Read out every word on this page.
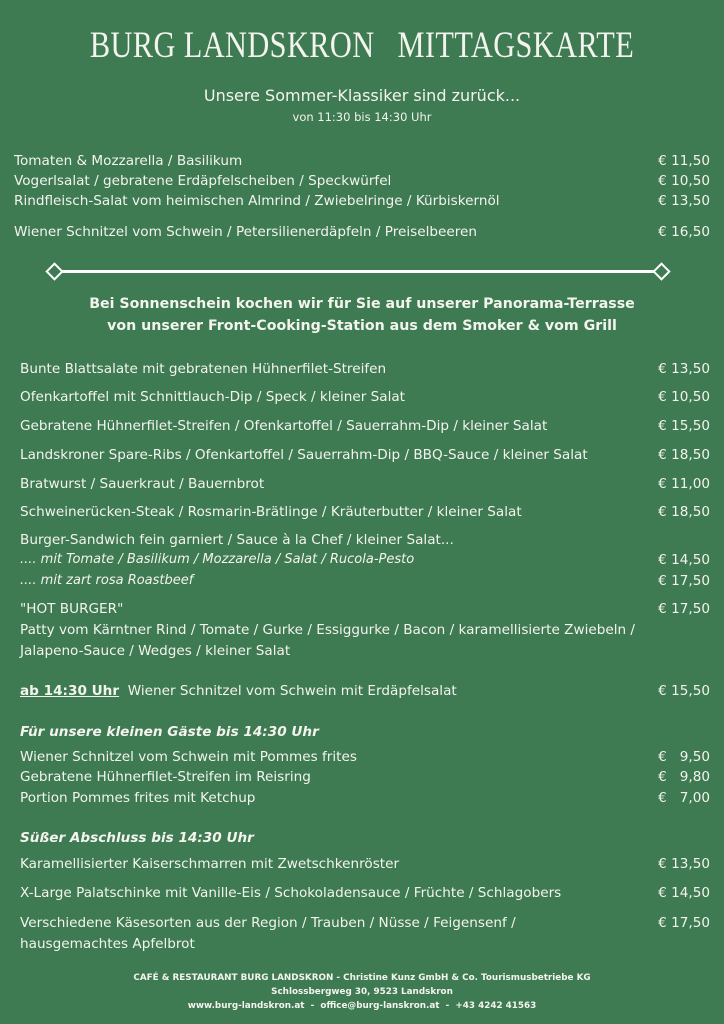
BURG LANDSKRON MITTAGSKARTE
Unsere Sommer-Klassiker sind zurück...
von 11:30 bis 14:30 Uhr
Tomaten & Mozzarella / Basilikum	€ 11,50
Vogerlsalat / gebratene Erdäpfelscheiben / Speckwürfel	€ 10,50
Rindfleisch-Salat vom heimischen Almrind / Zwiebelringe / Kürbiskernöl	€ 13,50
Wiener Schnitzel vom Schwein / Petersilienerdäpfeln / Preiselbeeren	€ 16,50
Bei Sonnenschein kochen wir für Sie auf unserer Panorama-Terrasse
von unserer Front-Cooking-Station aus dem Smoker & vom Grill
Bunte Blattsalate mit gebratenen Hühnerfilet-Streifen	€ 13,50
Ofenkartoffel mit Schnittlauch-Dip / Speck / kleiner Salat	€ 10,50
Gebratene Hühnerfilet-Streifen / Ofenkartoffel / Sauerrahm-Dip / kleiner Salat	€ 15,50
Landskroner Spare-Ribs / Ofenkartoffel / Sauerrahm-Dip / BBQ-Sauce / kleiner Salat	€ 18,50
Bratwurst / Sauerkraut / Bauernbrot	€ 11,00
Schweinerücken-Steak / Rosmarin-Brätlinge / Kräuterbutter / kleiner Salat	€ 18,50
Burger-Sandwich fein garniert / Sauce à la Chef / kleiner Salat...
.... mit Tomate / Basilikum / Mozzarella / Salat / Rucola-Pesto	€ 14,50
.... mit zart rosa Roastbeef	€ 17,50
"HOT BURGER"	€ 17,50
Patty vom Kärntner Rind / Tomate / Gurke / Essiggurke / Bacon / karamellisierte Zwiebeln /
Jalapeno-Sauce / Wedges / kleiner Salat
ab 14:30 Uhr Wiener Schnitzel vom Schwein mit Erdäpfelsalat	€ 15,50
Für unsere kleinen Gäste bis 14:30 Uhr
Wiener Schnitzel vom Schwein mit Pommes frites	€   9,50
Gebratene Hühnerfilet-Streifen im Reisring	€   9,80
Portion Pommes frites mit Ketchup	€   7,00
Süßer Abschluss bis 14:30 Uhr
Karamellisierter Kaiserschmarren mit Zwetschkenröster	€ 13,50
X-Large Palatschinke mit Vanille-Eis / Schokoladensauce / Früchte / Schlagobers	€ 14,50
Verschiedene Käsesorten aus der Region / Trauben / Nüsse / Feigensenf /	€ 17,50
hausgemachtes Apfelbrot
CAFÉ & RESTAURANT BURG LANDSKRON - Christine Kunz GmbH & Co. Tourismusbetriebe KG
Schlossbergweg 30, 9523 Landskron
www.burg-landskron.at  -  office@burg-lanskron.at  -  +43 4242 41563
